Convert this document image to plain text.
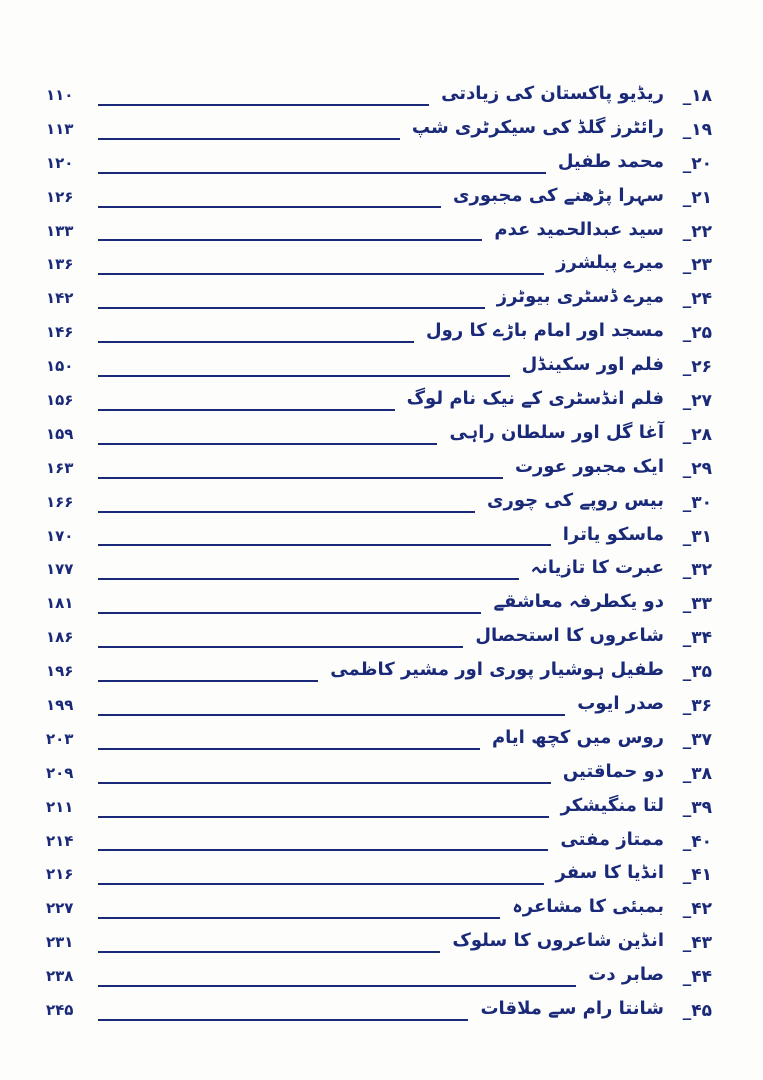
۱۸_
ریڈیو پاکستان کی زیادتی
۱۱۰
۱۹_
رائٹرز گلڈ کی سیکرٹری شپ
۱۱۳
۲۰_
محمد طفیل
۱۲۰
۲۱_
سہرا پڑھنے کی مجبوری
۱۲۶
۲۲_
سید عبدالحمید عدم
۱۳۳
۲۳_
میرے پبلشرز
۱۳۶
۲۴_
میرے ڈسٹری بیوٹرز
۱۴۲
۲۵_
مسجد اور امام باڑے کا رول
۱۴۶
۲۶_
فلم اور سکینڈل
۱۵۰
۲۷_
فلم انڈسٹری کے نیک نام لوگ
۱۵۶
۲۸_
آغا گل اور سلطان راہی
۱۵۹
۲۹_
ایک مجبور عورت
۱۶۳
۳۰_
بیس روپے کی چوری
۱۶۶
۳۱_
ماسکو یاترا
۱۷۰
۳۲_
عبرت کا تازیانہ
۱۷۷
۳۳_
دو یکطرفہ معاشقے
۱۸۱
۳۴_
شاعروں کا استحصال
۱۸۶
۳۵_
طفیل ہوشیار پوری اور مشیر کاظمی
۱۹۶
۳۶_
صدر ایوب
۱۹۹
۳۷_
روس میں کچھ ایام
۲۰۳
۳۸_
دو حماقتیں
۲۰۹
۳۹_
لتا منگیشکر
۲۱۱
۴۰_
ممتاز مفتی
۲۱۴
۴۱_
انڈیا کا سفر
۲۱۶
۴۲_
بمبئی کا مشاعرہ
۲۲۷
۴۳_
انڈین شاعروں کا سلوک
۲۳۱
۴۴_
صابر دت
۲۳۸
۴۵_
شانتا رام سے ملاقات
۲۴۵
